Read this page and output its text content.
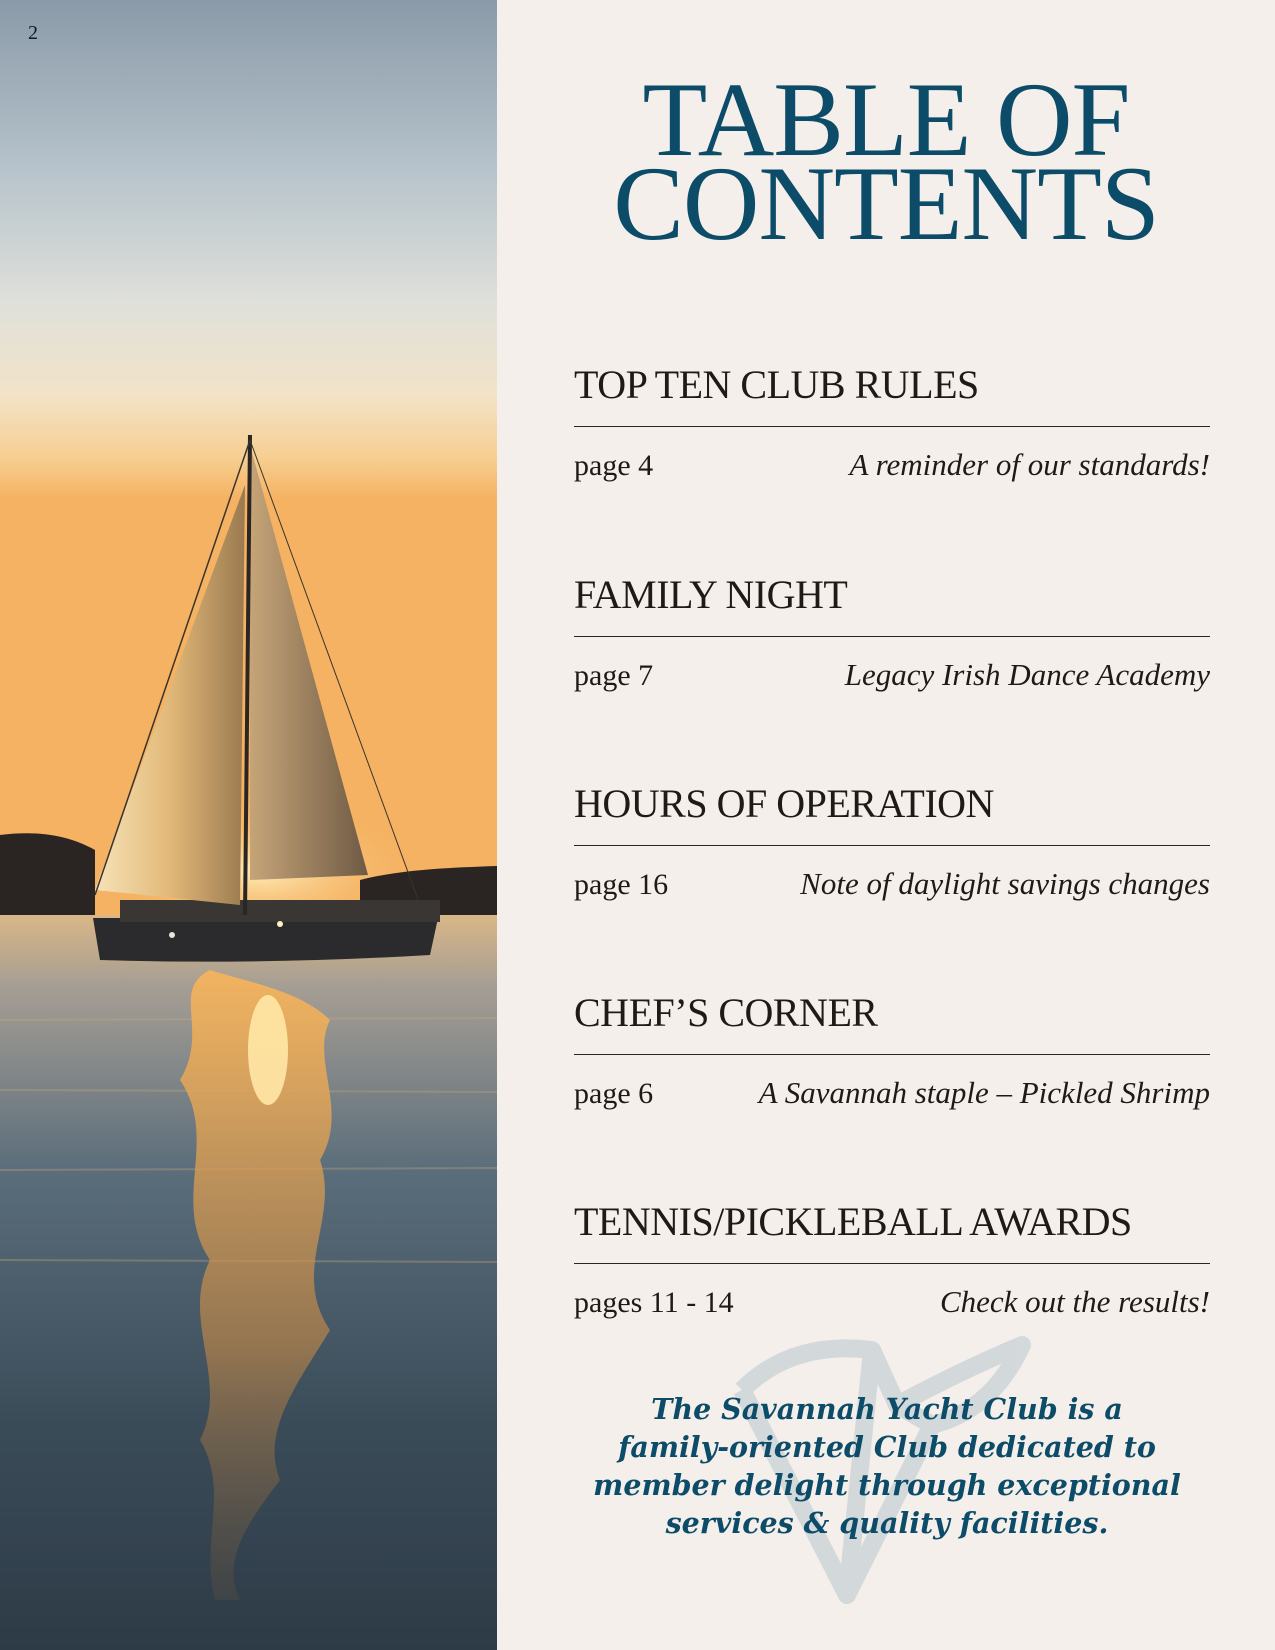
2
TABLE OF
CONTENTS
TOP TEN CLUB RULES
page 4	A reminder of our standards!
FAMILY NIGHT
page 7	Legacy Irish Dance Academy
HOURS OF OPERATION
page 16	Note of daylight savings changes
CHEF’S CORNER
page 6	A Savannah staple – Pickled Shrimp
TENNIS/PICKLEBALL AWARDS
pages 11 - 14	Check out the results!

The Savannah Yacht Club is a
family-oriented Club dedicated to
member delight through exceptional
services & quality facilities.
